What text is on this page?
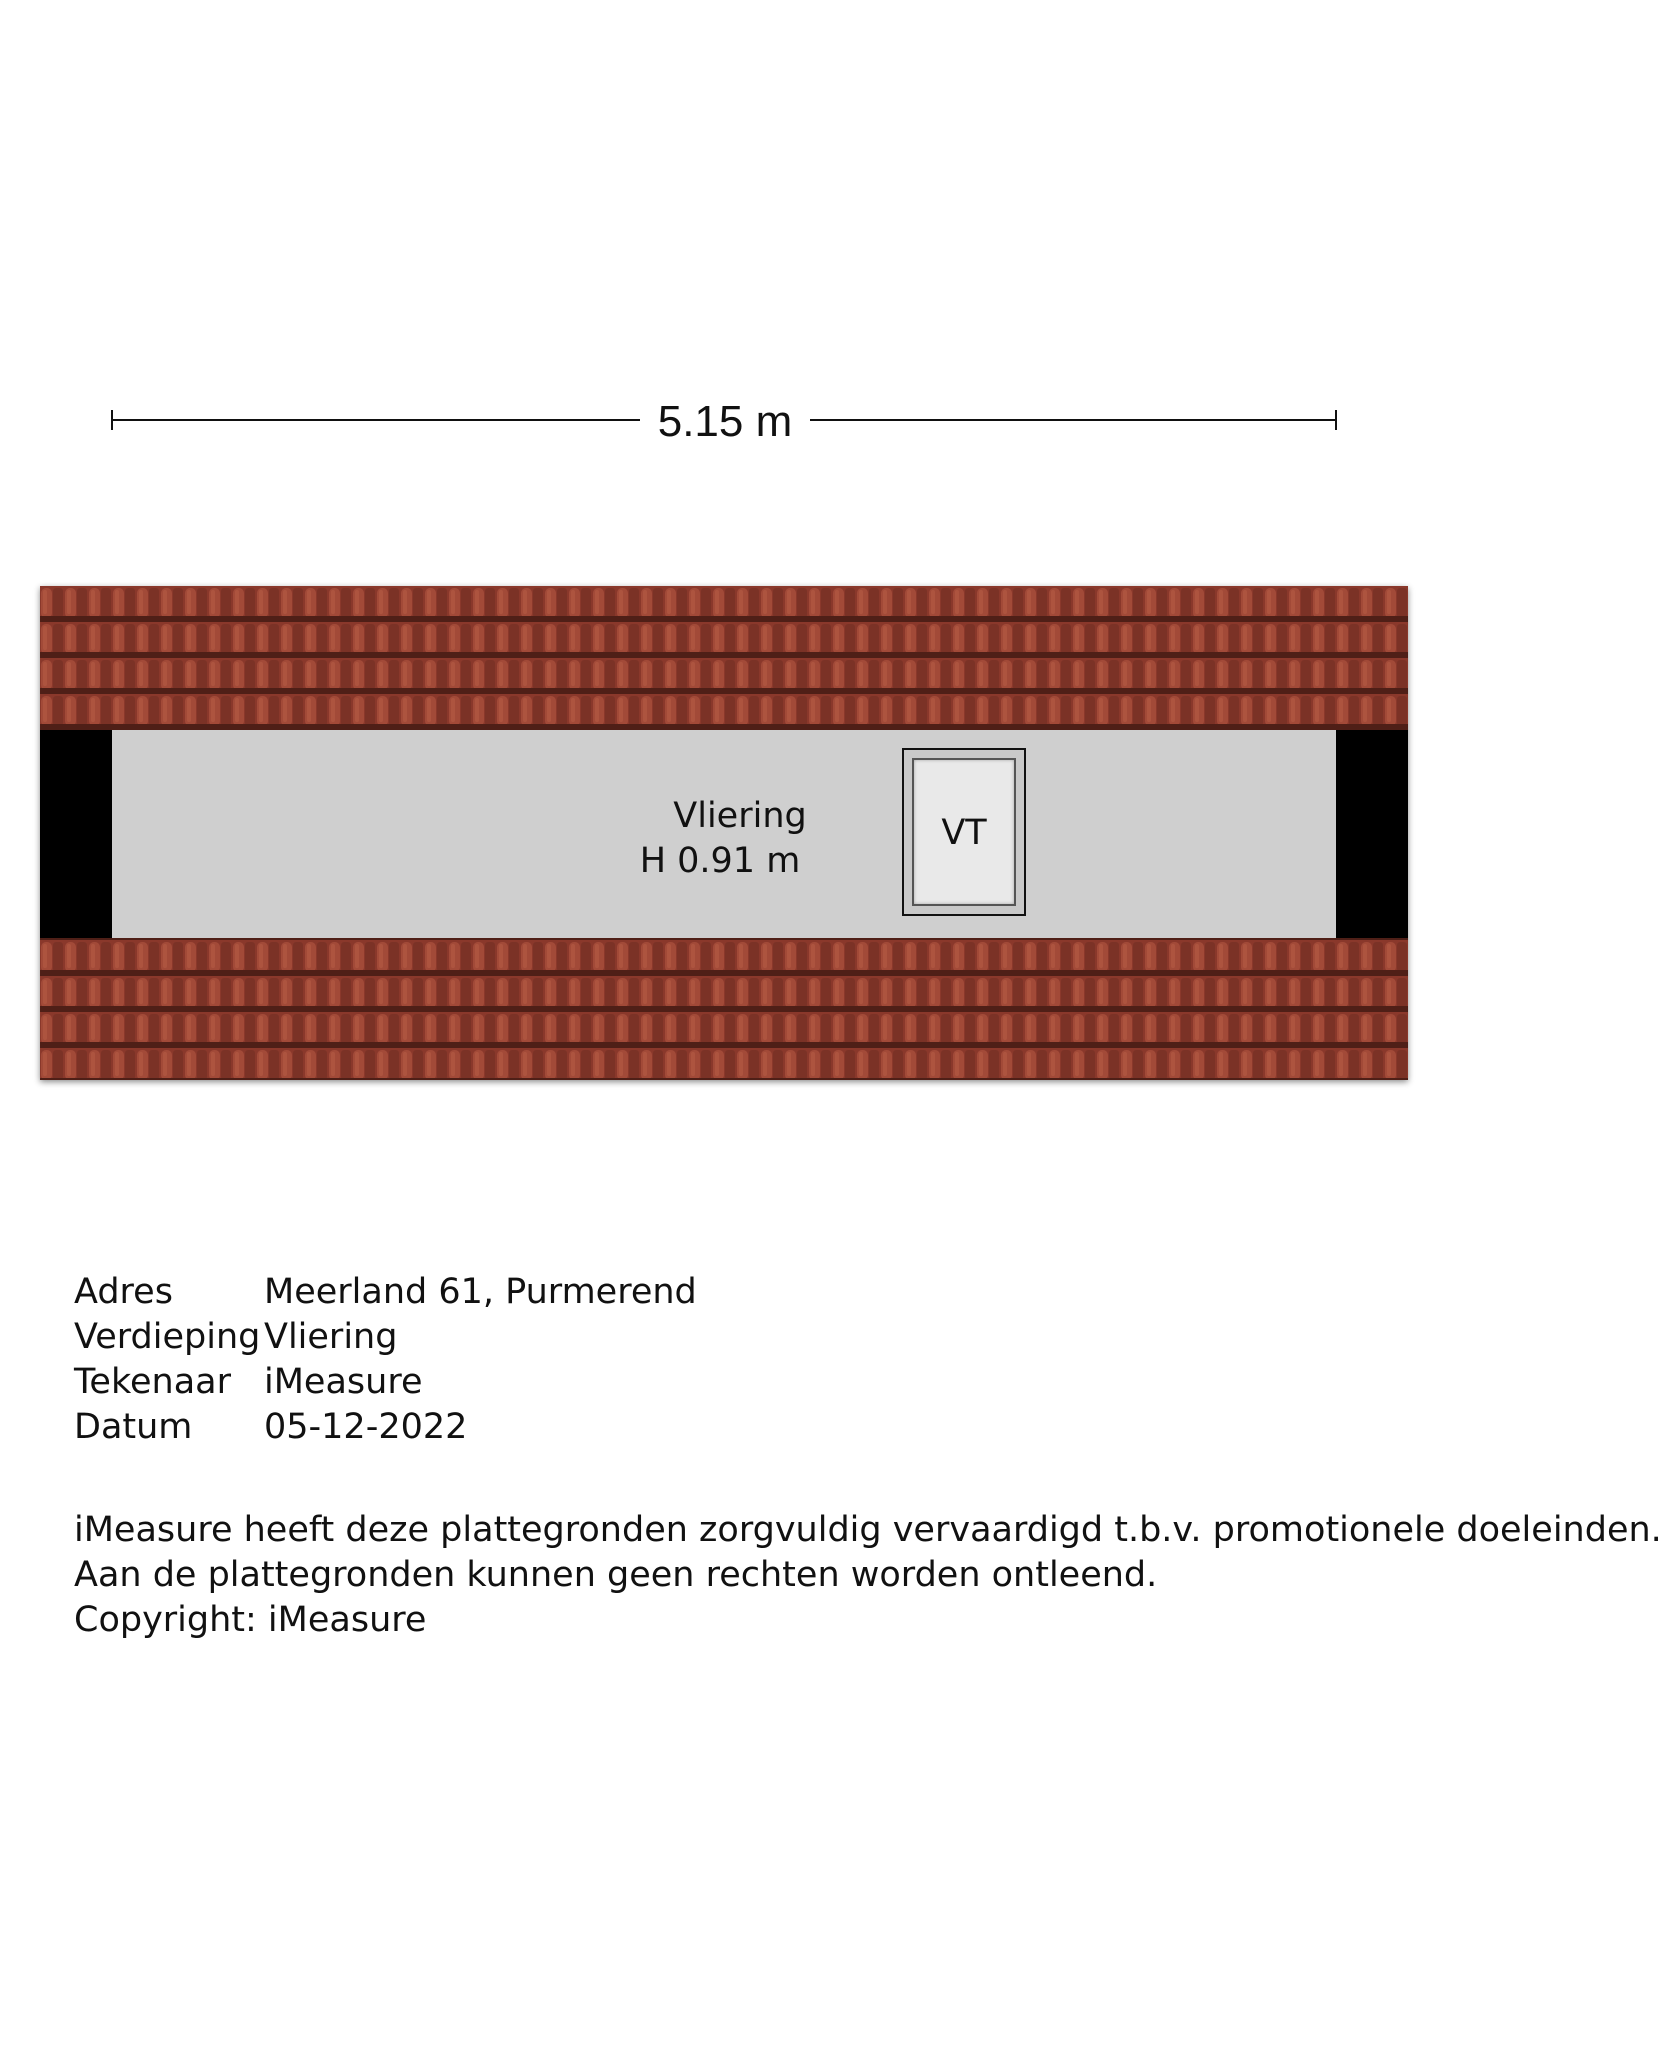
5.15 m
Vliering
H 0.91 m
VT
Adres	Meerland 61, Purmerend
Verdieping Vliering
Tekenaar iMeasure
Datum	05-12-2022
iMeasure heeft deze plattegronden zorgvuldig vervaardigd t.b.v. promotionele doeleinden.
Aan de plattegronden kunnen geen rechten worden ontleend.
Copyright: iMeasure
